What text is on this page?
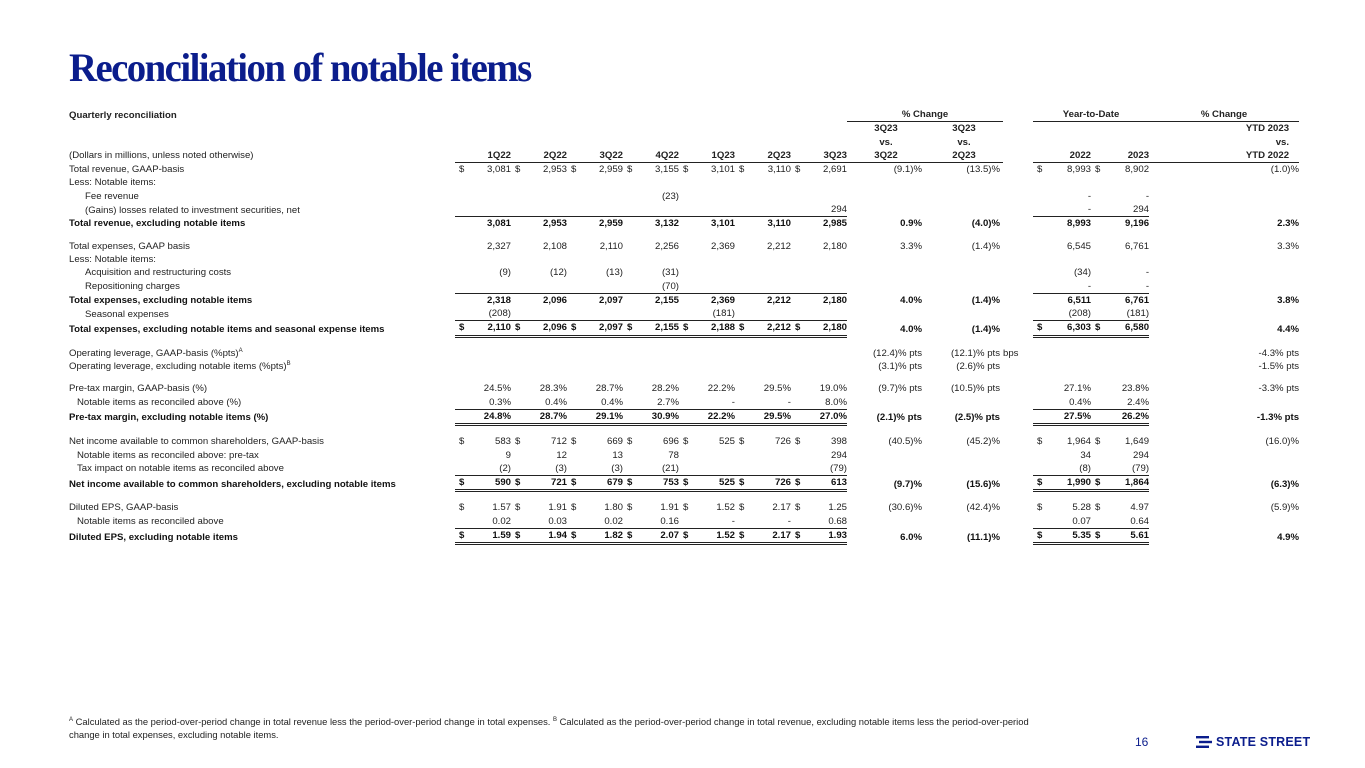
Reconciliation of notable items
Quarterly reconciliation															% Change			Year-to-Date				% Change
															3Q23	3Q23						YTD 2023
															vs.	vs.						vs.
(Dollars in millions, unless noted otherwise)	1Q22		2Q22		3Q22		4Q22		1Q23		2Q23		3Q23		3Q22	2Q23		2022		2023		YTD 2022
Total revenue, GAAP-basis	$	3,081	$	2,953	$	2,959	$	3,155	$	3,101	$	3,110	$	2,691	(9.1)%	(13.5)%		$	8,993	$	8,902	(1.0)%
Less: Notable items:																						
Fee revenue								(23)											-		-	
(Gains) losses related to investment securities, net														294					-		294	
Total revenue, excluding notable items		3,081		2,953		2,959		3,132		3,101		3,110		2,985	0.9%	(4.0)%			8,993		9,196	2.3%

Total expenses, GAAP basis		2,327		2,108		2,110		2,256		2,369		2,212		2,180	3.3%	(1.4)%			6,545		6,761	3.3%
Less: Notable items:																						
Acquisition and restructuring costs		(9)		(12)		(13)		(31)											(34)		-	
Repositioning charges								(70)											-		-	
Total expenses, excluding notable items		2,318		2,096		2,097		2,155		2,369		2,212		2,180	4.0%	(1.4)%			6,511		6,761	3.8%
Seasonal expenses		(208)								(181)									(208)		(181)	
Total expenses, excluding notable items and seasonal expense items	$	2,110	$	2,096	$	2,097	$	2,155	$	2,188	$	2,212	$	2,180	4.0%	(1.4)%		$	6,303	$	6,580	4.4%

Operating leverage, GAAP-basis $(\%pts)^A$															(12.4)% pts	(12.1)% pts	bps					-4.3% pts
Operating leverage, excluding notable items $(\%pts)^B$															(3.1)% pts	(2.6)% pts						-1.5% pts

Pre-tax margin, GAAP-basis (%)		24.5%		28.3%		28.7%		28.2%		22.2%		29.5%		19.0%	(9.7)% pts	(10.5)% pts			27.1%		23.8%	-3.3% pts
Notable items as reconciled above (%)		0.3%		0.4%		0.4%		2.7%		-		-		8.0%					0.4%		2.4%	
Pre-tax margin, excluding notable items (%)		24.8%		28.7%		29.1%		30.9%		22.2%		29.5%		27.0%	(2.1)% pts	(2.5)% pts			27.5%		26.2%	-1.3% pts

Net income available to common shareholders, GAAP-basis	$	583	$	712	$	669	$	696	$	525	$	726	$	398	(40.5)%	(45.2)%		$	1,964	$	1,649	(16.0)%
Notable items as reconciled above: pre-tax		9		12		13		78						294					34		294	
Tax impact on notable items as reconciled above		(2)		(3)		(3)		(21)						(79)					(8)		(79)	
Net income available to common shareholders, excluding notable items	$	590	$	721	$	679	$	753	$	525	$	726	$	613	(9.7)%	(15.6)%		$	1,990	$	1,864	(6.3)%

Diluted EPS, GAAP-basis	$	1.57	$	1.91	$	1.80	$	1.91	$	1.52	$	2.17	$	1.25	(30.6)%	(42.4)%		$	5.28	$	4.97	(5.9)%
Notable items as reconciled above		0.02		0.03		0.02		0.16		-		-		0.68					0.07		0.64	
Diluted EPS, excluding notable items	$	1.59	$	1.94	$	1.82	$	2.07	$	1.52	$	2.17	$	1.93	6.0%	(11.1)%		$	5.35	$	5.61	4.9%
$^A$ Calculated as the period-over-period change in total revenue less the period-over-period change in total expenses. $^B$ Calculated as the period-over-period change in total revenue, excluding notable items less the period-over-period change in total expenses, excluding notable items.
16	STATE STREET
